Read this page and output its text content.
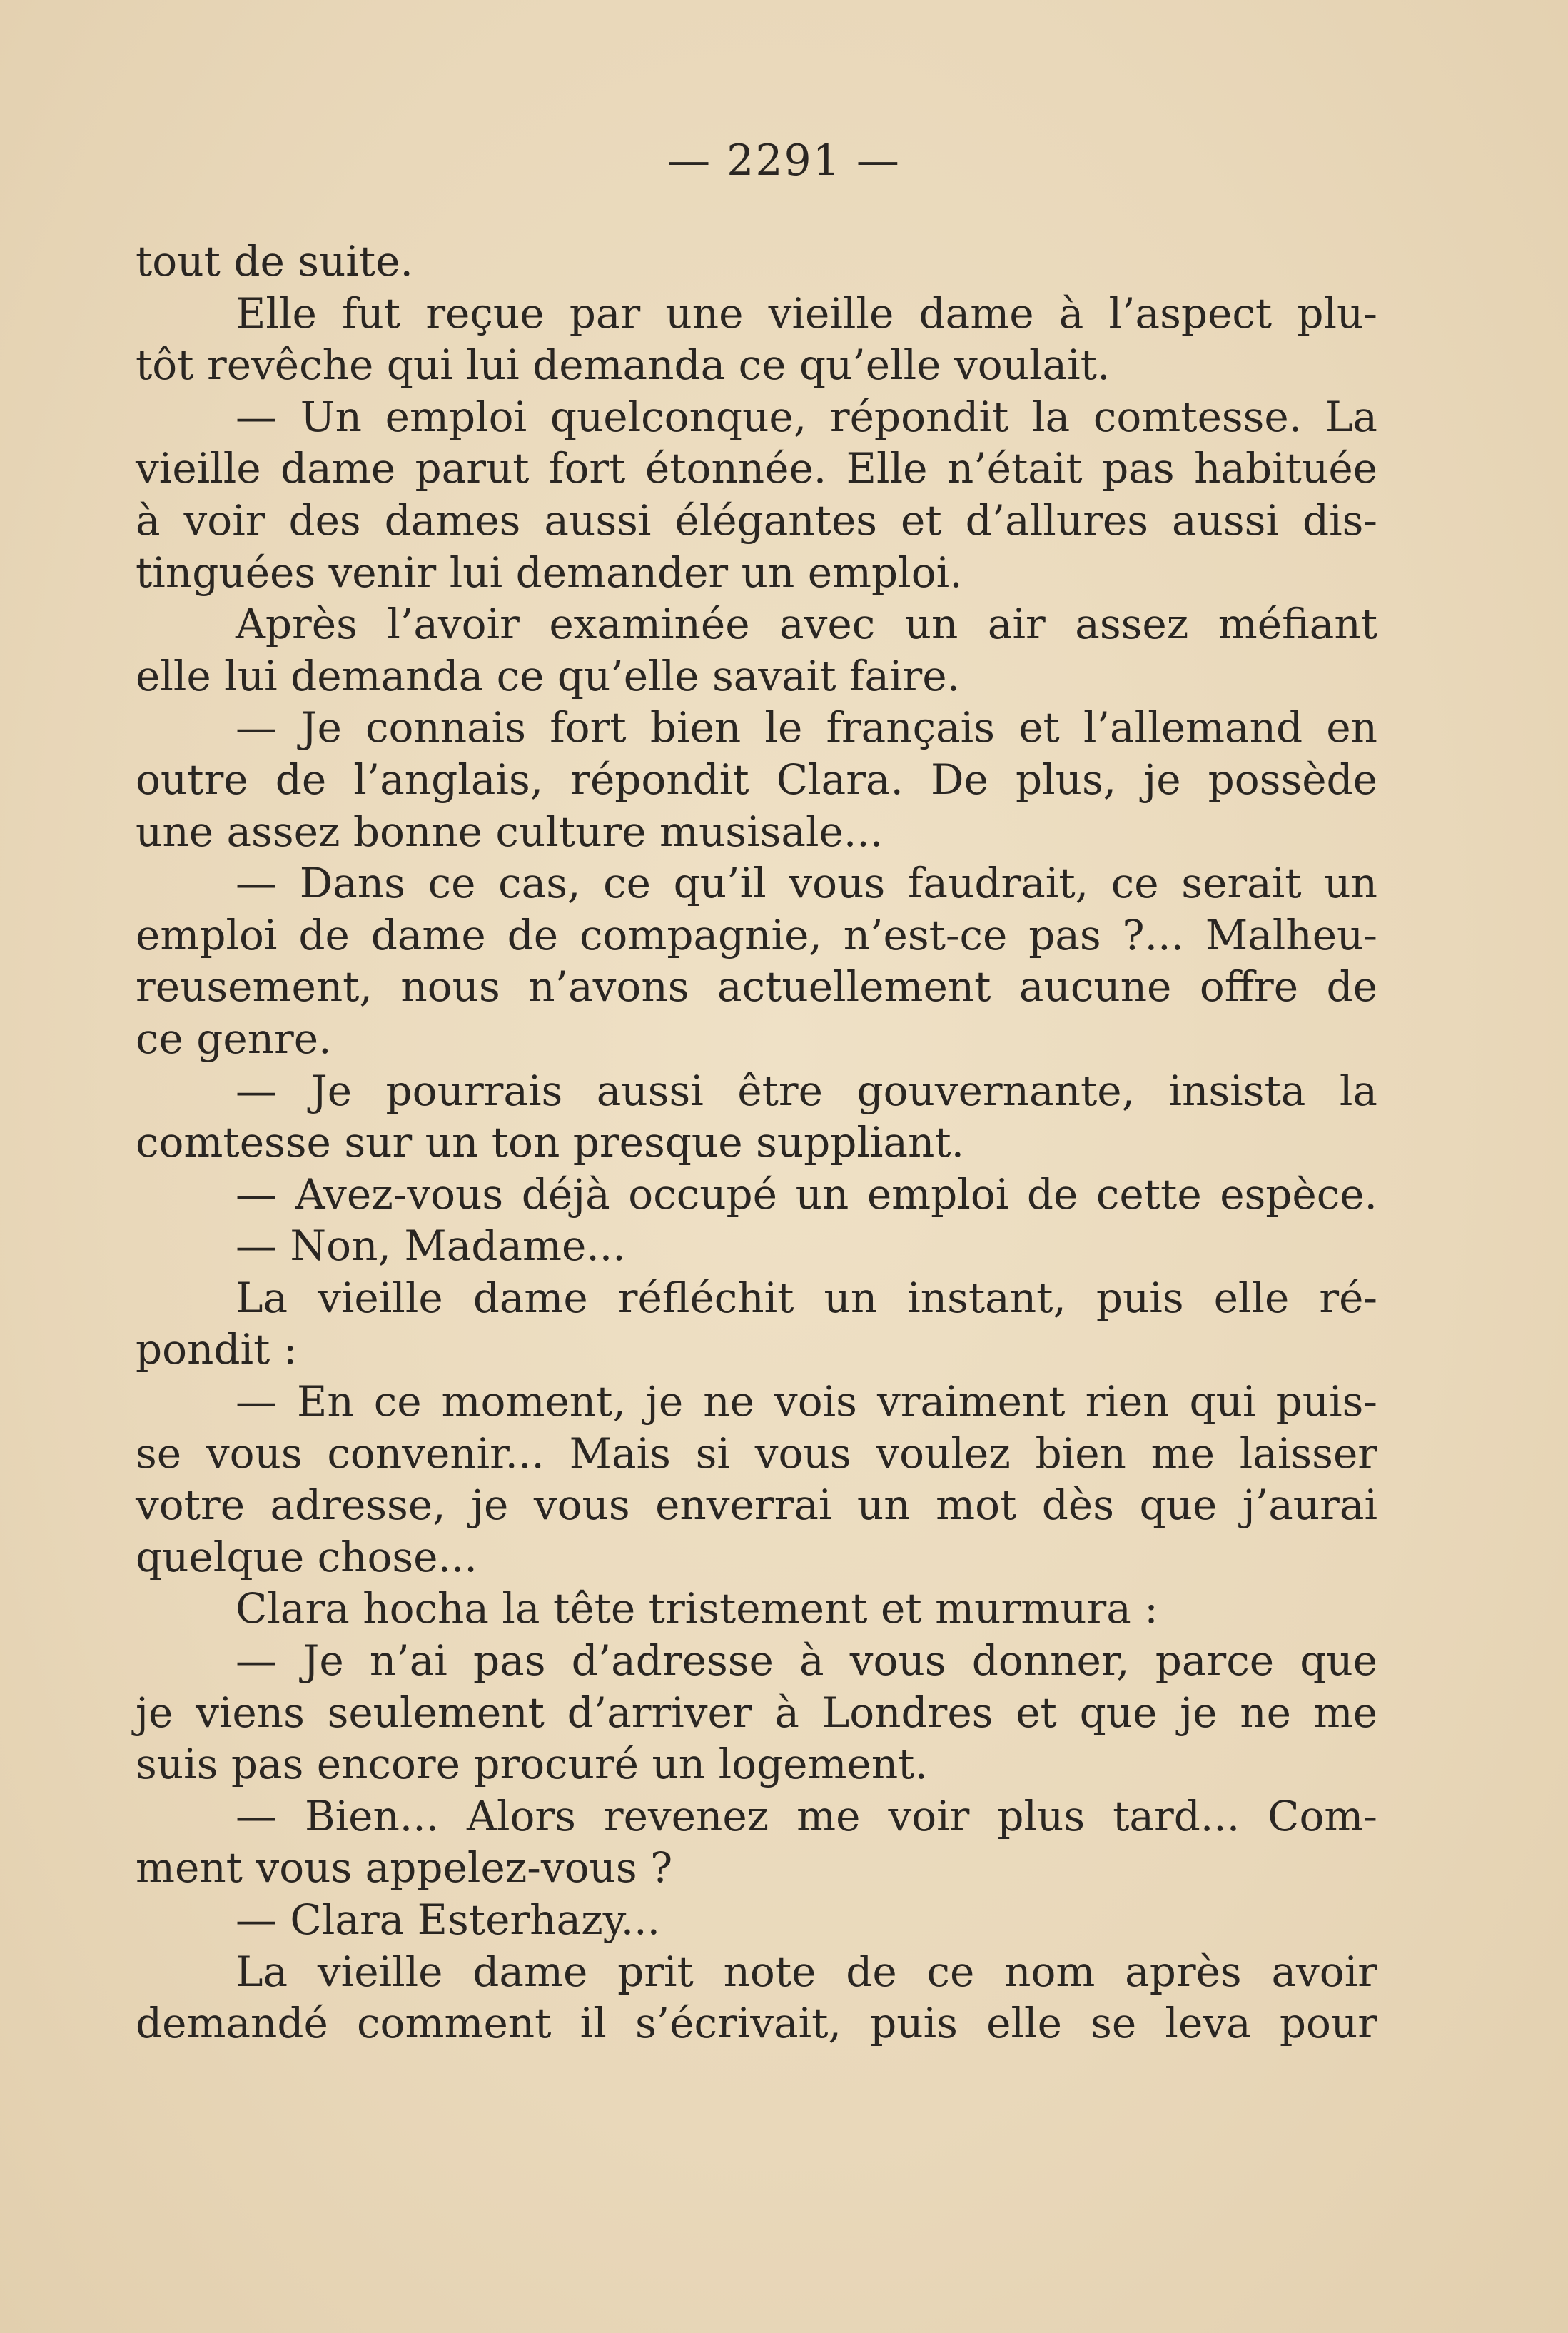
— 2291 —
tout de suite.
Elle fut reçue par une vieille dame à l’aspect plu-
tôt revêche qui lui demanda ce qu’elle voulait.
— Un emploi quelconque, répondit la comtesse. La
vieille dame parut fort étonnée. Elle n’était pas habituée
à voir des dames aussi élégantes et d’allures aussi dis-
tinguées venir lui demander un emploi.
Après l’avoir examinée avec un air assez méfiant
elle lui demanda ce qu’elle savait faire.
— Je connais fort bien le français et l’allemand en
outre de l’anglais, répondit Clara. De plus, je possède
une assez bonne culture musisale...
— Dans ce cas, ce qu’il vous faudrait, ce serait un
emploi de dame de compagnie, n’est-ce pas ?... Malheu-
reusement, nous n’avons actuellement aucune offre de
ce genre.
— Je pourrais aussi être gouvernante, insista la
comtesse sur un ton presque suppliant.
— Avez-vous déjà occupé un emploi de cette espèce.
— Non, Madame...
La vieille dame réfléchit un instant, puis elle ré-
pondit :
— En ce moment, je ne vois vraiment rien qui puis-
se vous convenir... Mais si vous voulez bien me laisser
votre adresse, je vous enverrai un mot dès que j’aurai
quelque chose...
Clara hocha la tête tristement et murmura :
— Je n’ai pas d’adresse à vous donner, parce que
je viens seulement d’arriver à Londres et que je ne me
suis pas encore procuré un logement.
— Bien... Alors revenez me voir plus tard... Com-
ment vous appelez-vous ?
— Clara Esterhazy...
La vieille dame prit note de ce nom après avoir
demandé comment il s’écrivait, puis elle se leva pour
